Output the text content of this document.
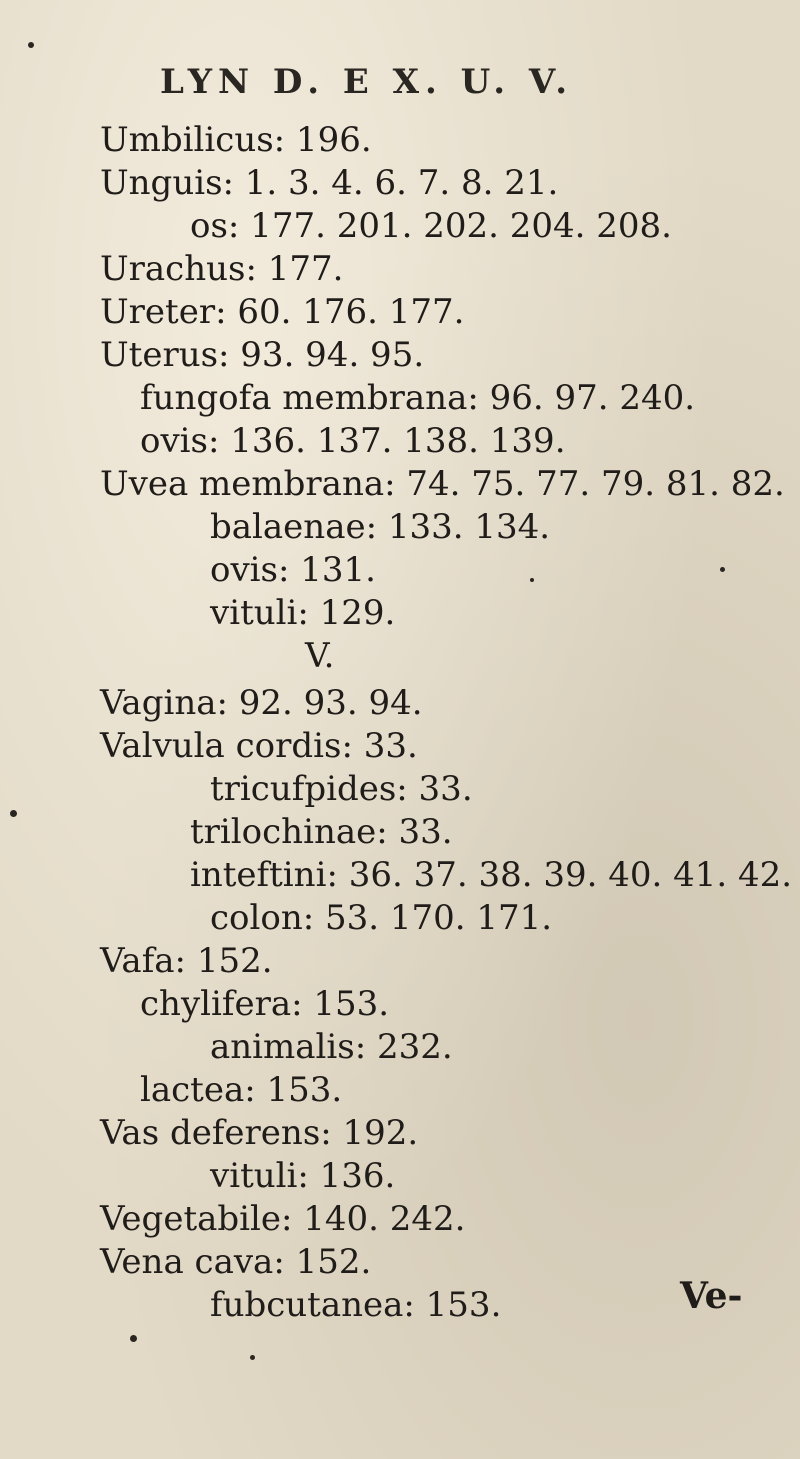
LYN D. E X. U. V.
Umbilicus: 196.
Unguis: 1. 3. 4. 6. 7. 8. 21.
os: 177. 201. 202. 204. 208.
Urachus: 177.
Ureter: 60. 176. 177.
Uterus: 93. 94. 95.
fungofa membrana: 96. 97. 240.
ovis: 136. 137. 138. 139.
Uvea membrana: 74. 75. 77. 79. 81. 82.
balaenae: 133. 134.
ovis: 131.
vituli: 129.
V.
Vagina: 92. 93. 94.
Valvula cordis: 33.
tricufpides: 33.
trilochinae: 33.
inteftini: 36. 37. 38. 39. 40. 41. 42.
colon: 53. 170. 171.
Vafa: 152.
chylifera: 153.
animalis: 232.
lactea: 153.
Vas deferens: 192.
vituli: 136.
Vegetabile: 140. 242.
Vena cava: 152.
fubcutanea: 153.	Ve-
